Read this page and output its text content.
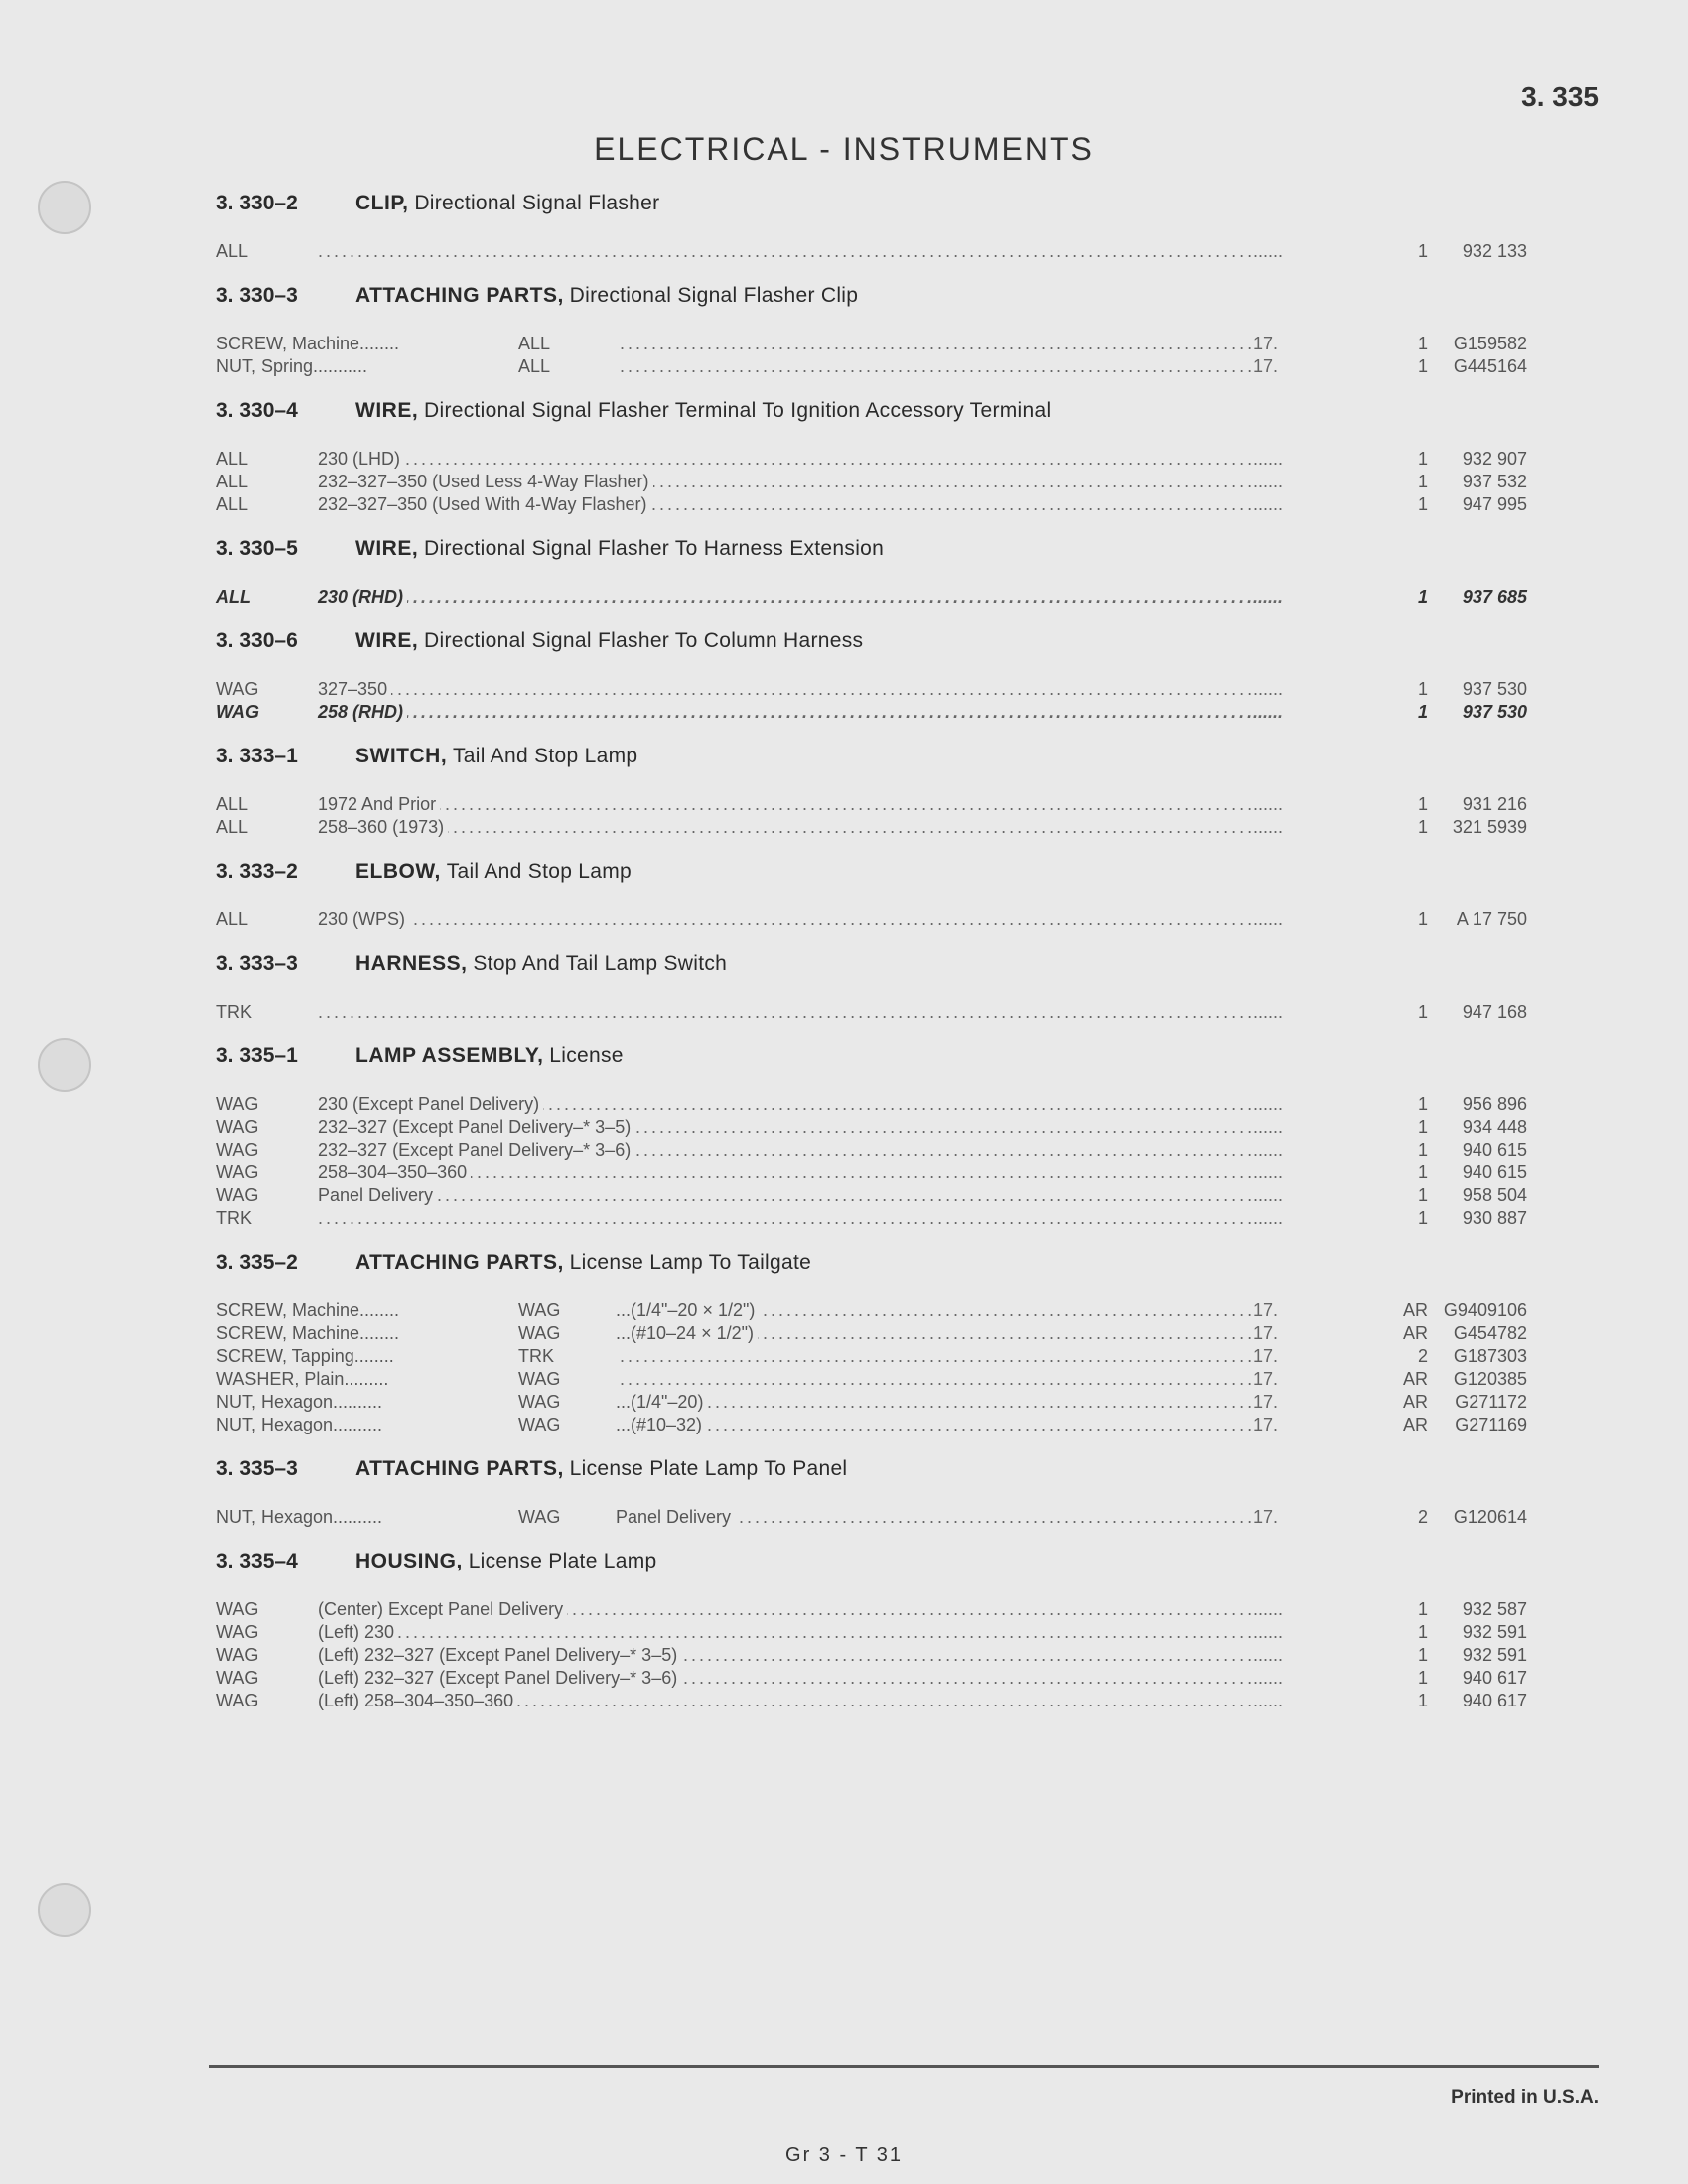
3. 335
ELECTRICAL - INSTRUMENTS
3. 330–2	CLIP, Directional Signal Flasher
.....
ALL	......	1	932 133
3. 330–3	ATTACHING PARTS, Directional Signal Flasher Clip
.....
SCREW, Machine........	ALL	17.	1	G159582
.....
NUT, Spring...........	ALL	17.	1	G445164
3. 330–4	WIRE, Directional Signal Flasher Terminal To Ignition Accessory Terminal
.....
ALL	230 (LHD)	......	1	932 907
.....
ALL	232–327–350 (Used Less 4-Way Flasher)	......	1	937 532
.....
ALL	232–327–350 (Used With 4-Way Flasher)	......	1	947 995
3. 330–5	WIRE, Directional Signal Flasher To Harness Extension
.....
ALL	230 (RHD)	......	1	937 685
3. 330–6	WIRE, Directional Signal Flasher To Column Harness
.....
WAG	327–350	......	1	937 530
.....
WAG	258 (RHD)	......	1	937 530
3. 333–1	SWITCH, Tail And Stop Lamp
.....
ALL	1972 And Prior	......	1	931 216
.....
ALL	258–360 (1973)	......	1	321 5939
3. 333–2	ELBOW, Tail And Stop Lamp
.....
ALL	230 (WPS)	......	1	A 17 750
3. 333–3	HARNESS, Stop And Tail Lamp Switch
.....
TRK	......	1	947 168
3. 335–1	LAMP ASSEMBLY, License
.....
WAG	230 (Except Panel Delivery)	......	1	956 896
.....
WAG	232–327 (Except Panel Delivery–* 3–5)	......	1	934 448
.....
WAG	232–327 (Except Panel Delivery–* 3–6)	......	1	940 615
.....
WAG	258–304–350–360	......	1	940 615
.....
WAG	Panel Delivery	......	1	958 504
.....
TRK	......	1	930 887
3. 335–2	ATTACHING PARTS, License Lamp To Tailgate
.....
SCREW, Machine........	WAG	...(1/4"–20 × 1/2")	17.	AR G9409106
.....
SCREW, Machine........	WAG	...(#10–24 × 1/2")	17.	AR	G454782
.....
SCREW, Tapping........	TRK	17.	2	G187303
.....
WASHER, Plain.........	WAG	17.	AR	G120385
.....
NUT, Hexagon..........	WAG	...(1/4"–20)	17.	AR	G271172
.....
NUT, Hexagon..........	WAG	...(#10–32)	17.	AR	G271169
3. 335–3	ATTACHING PARTS, License Plate Lamp To Panel
.....
NUT, Hexagon..........	WAG	Panel Delivery	17.	2	G120614
3. 335–4	HOUSING, License Plate Lamp
.....
WAG	(Center) Except Panel Delivery	......	1	932 587
.....
WAG	(Left) 230	......	1	932 591
.....
WAG	(Left) 232–327 (Except Panel Delivery–* 3–5)	......	1	932 591
.....
WAG	(Left) 232–327 (Except Panel Delivery–* 3–6)	......	1	940 617
.....
WAG	(Left) 258–304–350–360	......	1	940 617
Printed in U.S.A.
Gr 3 - T 31
